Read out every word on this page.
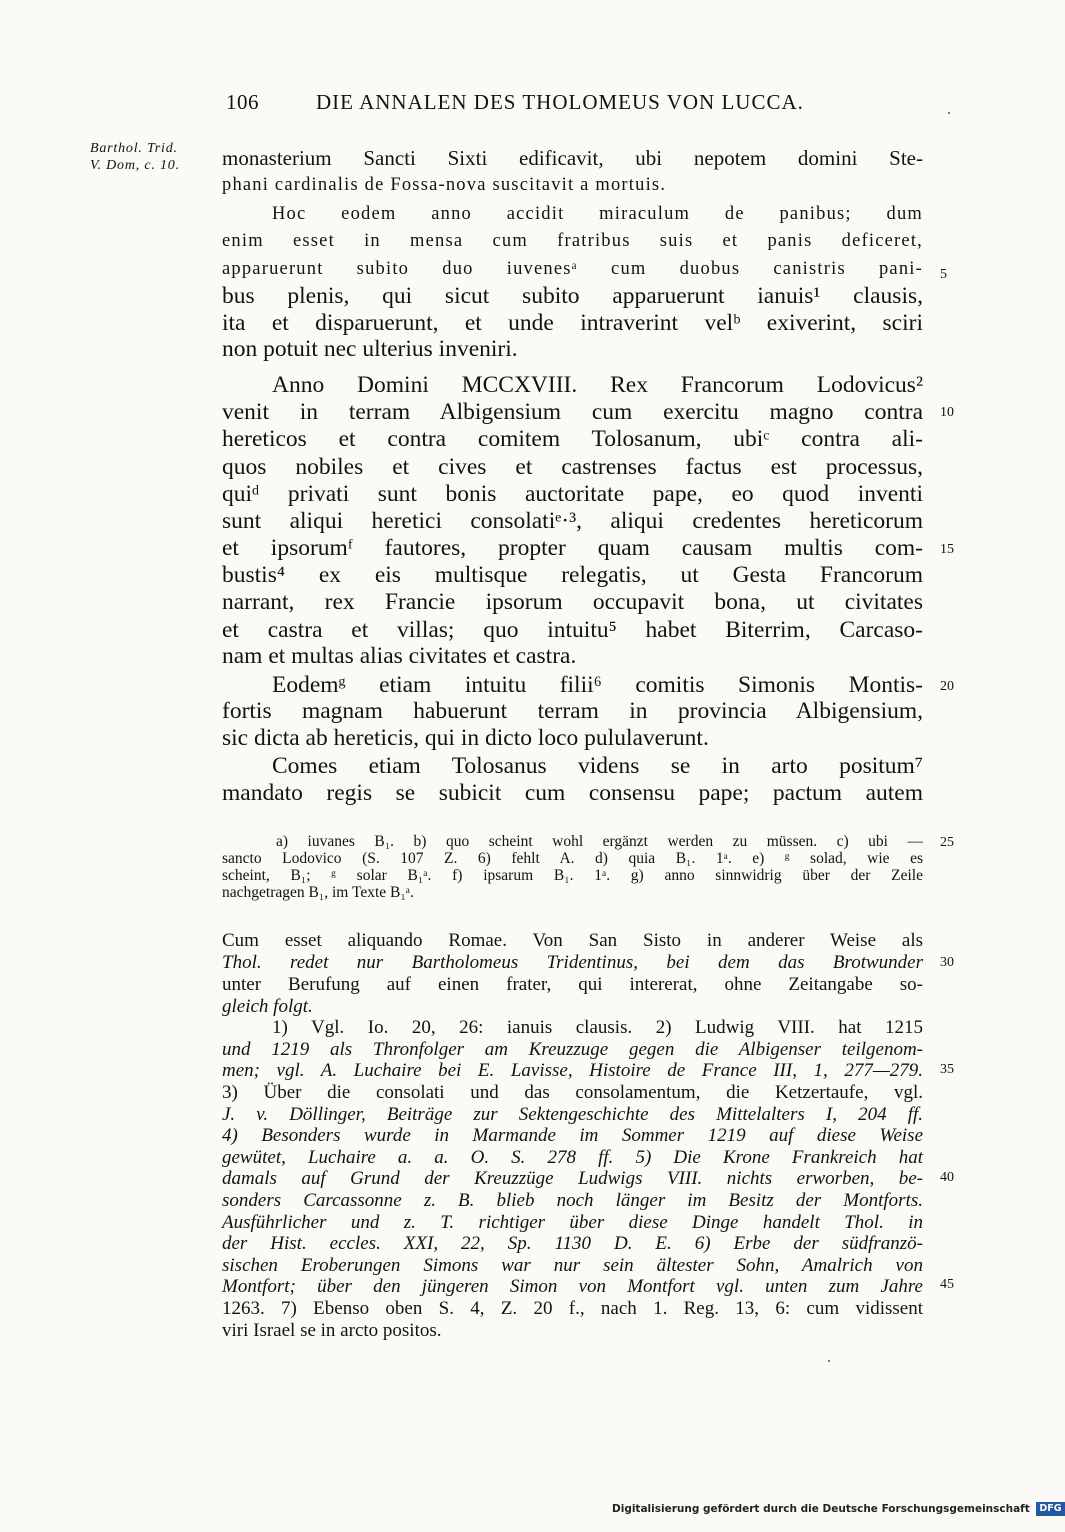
106	DIE ANNALEN DES THOLOMEUS VON LUCCA.
Barthol. Trid.
V. Dom, c. 10.	monasterium Sancti Sixti edificavit, ubi nepotem domini Ste-
phani cardinalis de Fossa-nova suscitavit a mortuis.
Hoc eodem anno accidit miraculum de panibus; dum
enim esset in mensa cum fratribus suis et panis deficeret,
apparuerunt subito duo iuvenesᵃ cum duobus canistris pani-
bus plenis, qui sicut subito apparuerunt ianuis¹ clausis,
ita et disparuerunt, et unde intraverint velᵇ exiverint, sciri
non potuit nec ulterius inveniri.
Anno Domini MCCXVIII. Rex Francorum Lodovicus²
venit in terram Albigensium cum exercitu magno contra
hereticos et contra comitem Tolosanum, ubiᶜ contra ali-
quos nobiles et cives et castrenses factus est processus,
quiᵈ privati sunt bonis auctoritate pape, eo quod inventi
sunt aliqui heretici consolatiᵉ·³, aliqui credentes hereticorum
et ipsorumᶠ fautores, propter quam causam multis com-
bustis⁴ ex eis multisque relegatis, ut Gesta Francorum
narrant, rex Francie ipsorum occupavit bona, ut civitates
et castra et villas; quo intuitu⁵ habet Biterrim, Carcaso-
nam et multas alias civitates et castra.
Eodemᵍ etiam intuitu filii⁶ comitis Simonis Montis-
fortis magnam habuerunt terram in provincia Albigensium,
sic dicta ab hereticis, qui in dicto loco pululaverunt.
Comes etiam Tolosanus videns se in arto positum⁷
mandato regis se subicit cum consensu pape; pactum autem
5
10
15
20
25
30
35
40
45
a) iuvanes B₁. b) quo scheint wohl ergänzt werden zu müssen. c) ubi —
sancto Lodovico (S. 107 Z. 6) fehlt A. d) quia B₁. 1ᵃ. e) ᵍ solad, wie es
scheint, B₁; ᵍ solar B₁ᵃ. f) ipsarum B₁. 1ᵃ. g) anno sinnwidrig über der Zeile
nachgetragen B₁, im Texte B₁ᵃ.
Cum esset aliquando Romae. Von San Sisto in anderer Weise als
Thol. redet nur Bartholomeus Tridentinus, bei dem das Brotwunder
unter Berufung auf einen frater, qui intererat, ohne Zeitangabe so-
gleich folgt.
1) Vgl. Io. 20, 26: ianuis clausis. 2) Ludwig VIII. hat 1215
und 1219 als Thronfolger am Kreuzzuge gegen die Albigenser teilgenom-
men; vgl. A. Luchaire bei E. Lavisse, Histoire de France III, 1, 277—279.
3) Über die consolati und das consolamentum, die Ketzertaufe, vgl.
J. v. Döllinger, Beiträge zur Sektengeschichte des Mittelalters I, 204 ff.
4) Besonders wurde in Marmande im Sommer 1219 auf diese Weise
gewütet, Luchaire a. a. O. S. 278 ff. 5) Die Krone Frankreich hat
damals auf Grund der Kreuzzüge Ludwigs VIII. nichts erworben, be-
sonders Carcassonne z. B. blieb noch länger im Besitz der Montforts.
Ausführlicher und z. T. richtiger über diese Dinge handelt Thol. in
der Hist. eccles. XXI, 22, Sp. 1130 D. E. 6) Erbe der südfranzö-
sischen Eroberungen Simons war nur sein ältester Sohn, Amalrich von
Montfort; über den jüngeren Simon von Montfort vgl. unten zum Jahre
1263. 7) Ebenso oben S. 4, Z. 20 f., nach 1. Reg. 13, 6: cum vidissent
viri Israel se in arcto positos.
Digitalisierung gefördert durch die Deutsche Forschungsgemeinschaft DFG
